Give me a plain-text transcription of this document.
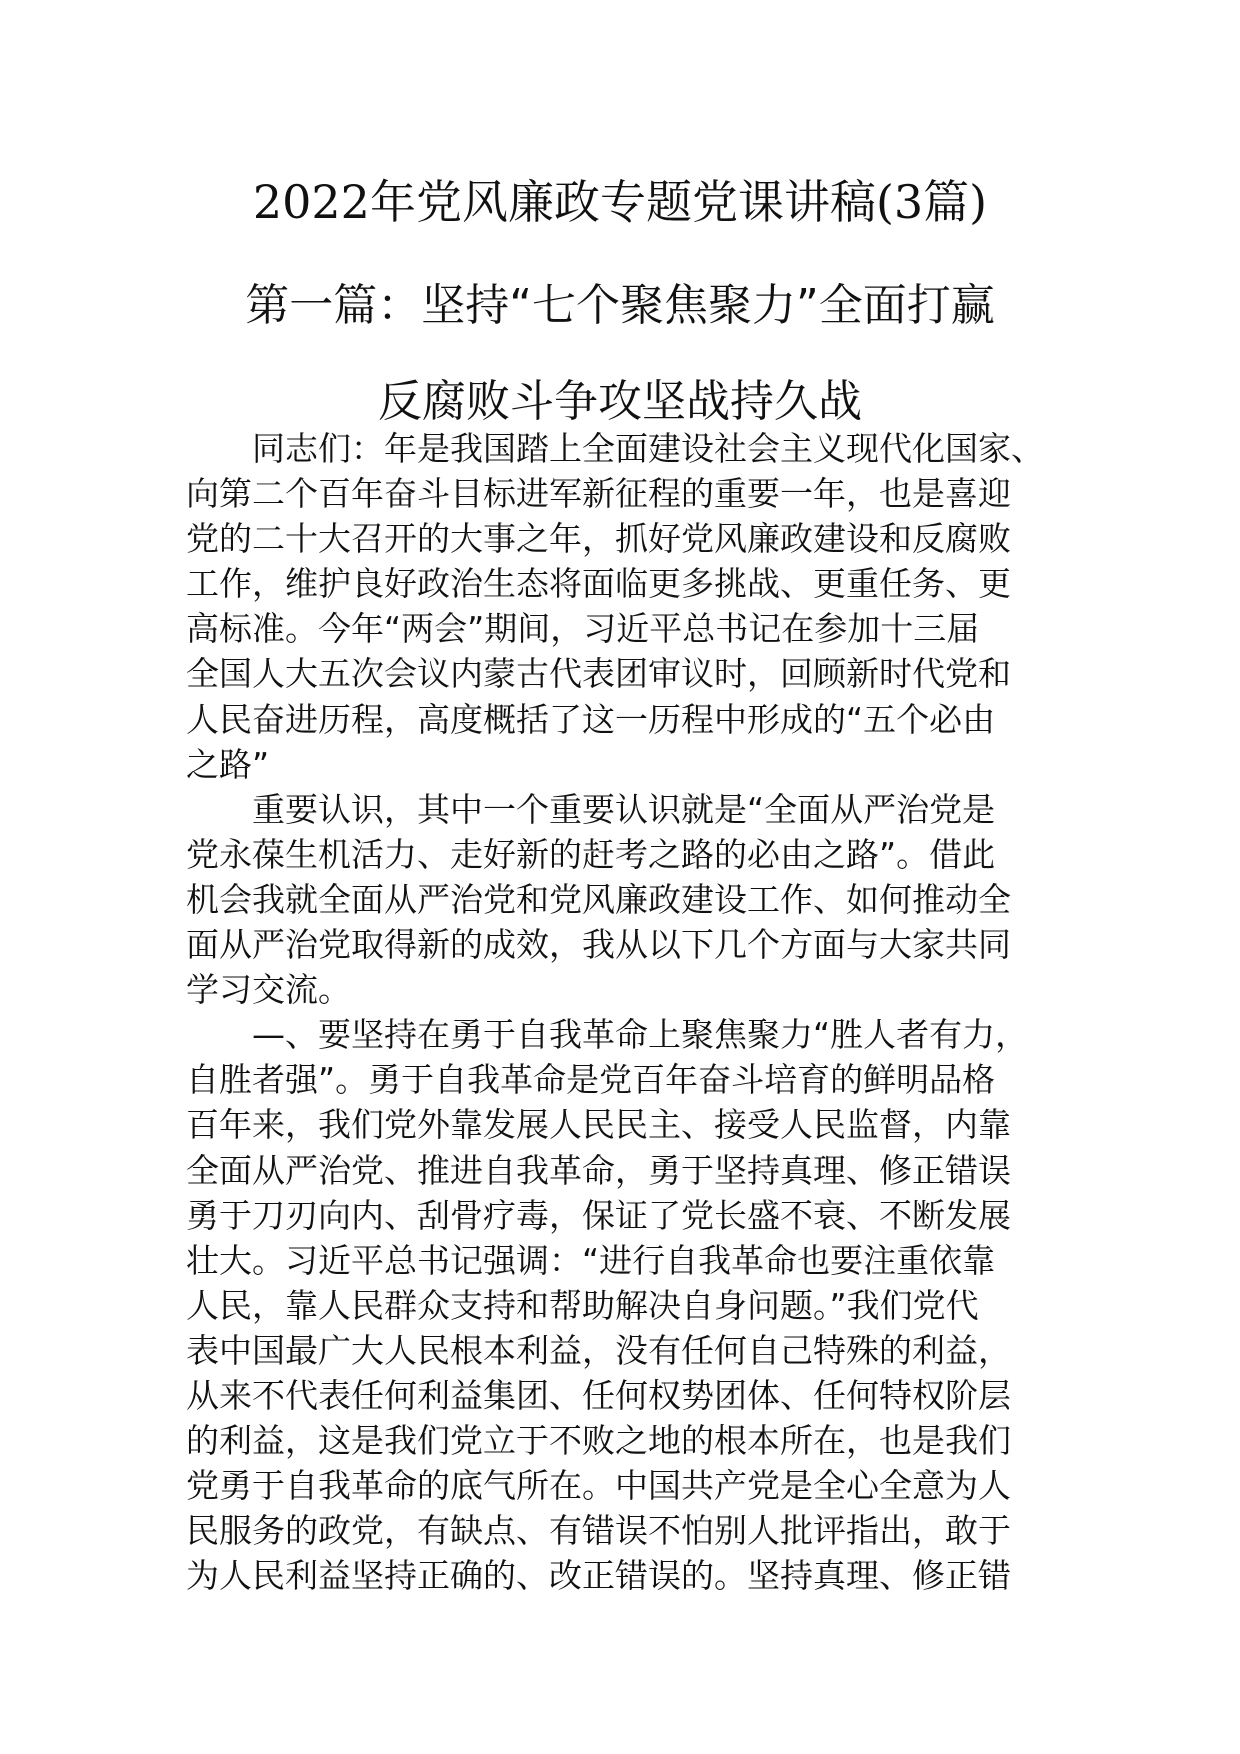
2022年党风廉政专题党课讲稿(3篇)
第一篇：坚持“七个聚焦聚力”全面打赢
反腐败斗争攻坚战持久战

同志们：年是我国踏上全面建设社会主义现代化国家、
向第二个百年奋斗目标进军新征程的重要一年，也是喜迎
党的二十大召开的大事之年，抓好党风廉政建设和反腐败
工作，维护良好政治生态将面临更多挑战、更重任务、更
高标准。今年“两会”期间，习近平总书记在参加十三届
全国人大五次会议内蒙古代表团审议时，回顾新时代党和
人民奋进历程，高度概括了这一历程中形成的“五个必由
之路”

重要认识，其中一个重要认识就是“全面从严治党是
党永葆生机活力、走好新的赶考之路的必由之路”。借此
机会我就全面从严治党和党风廉政建设工作、如何推动全
面从严治党取得新的成效，我从以下几个方面与大家共同
学习交流。

—、要坚持在勇于自我革命上聚焦聚力“胜人者有力，
自胜者强”。勇于自我革命是党百年奋斗培育的鲜明品格
百年来，我们党外靠发展人民民主、接受人民监督，内靠
全面从严治党、推进自我革命，勇于坚持真理、修正错误
勇于刀刃向内、刮骨疗毒，保证了党长盛不衰、不断发展
壮大。习近平总书记强调：“进行自我革命也要注重依靠
人民，靠人民群众支持和帮助解决自身问题。”我们党代
表中国最广大人民根本利益，没有任何自己特殊的利益，
从来不代表任何利益集团、任何权势团体、任何特权阶层
的利益，这是我们党立于不败之地的根本所在，也是我们
党勇于自我革命的底气所在。中国共产党是全心全意为人
民服务的政党，有缺点、有错误不怕别人批评指出，敢于
为人民利益坚持正确的、改正错误的。坚持真理、修正错
